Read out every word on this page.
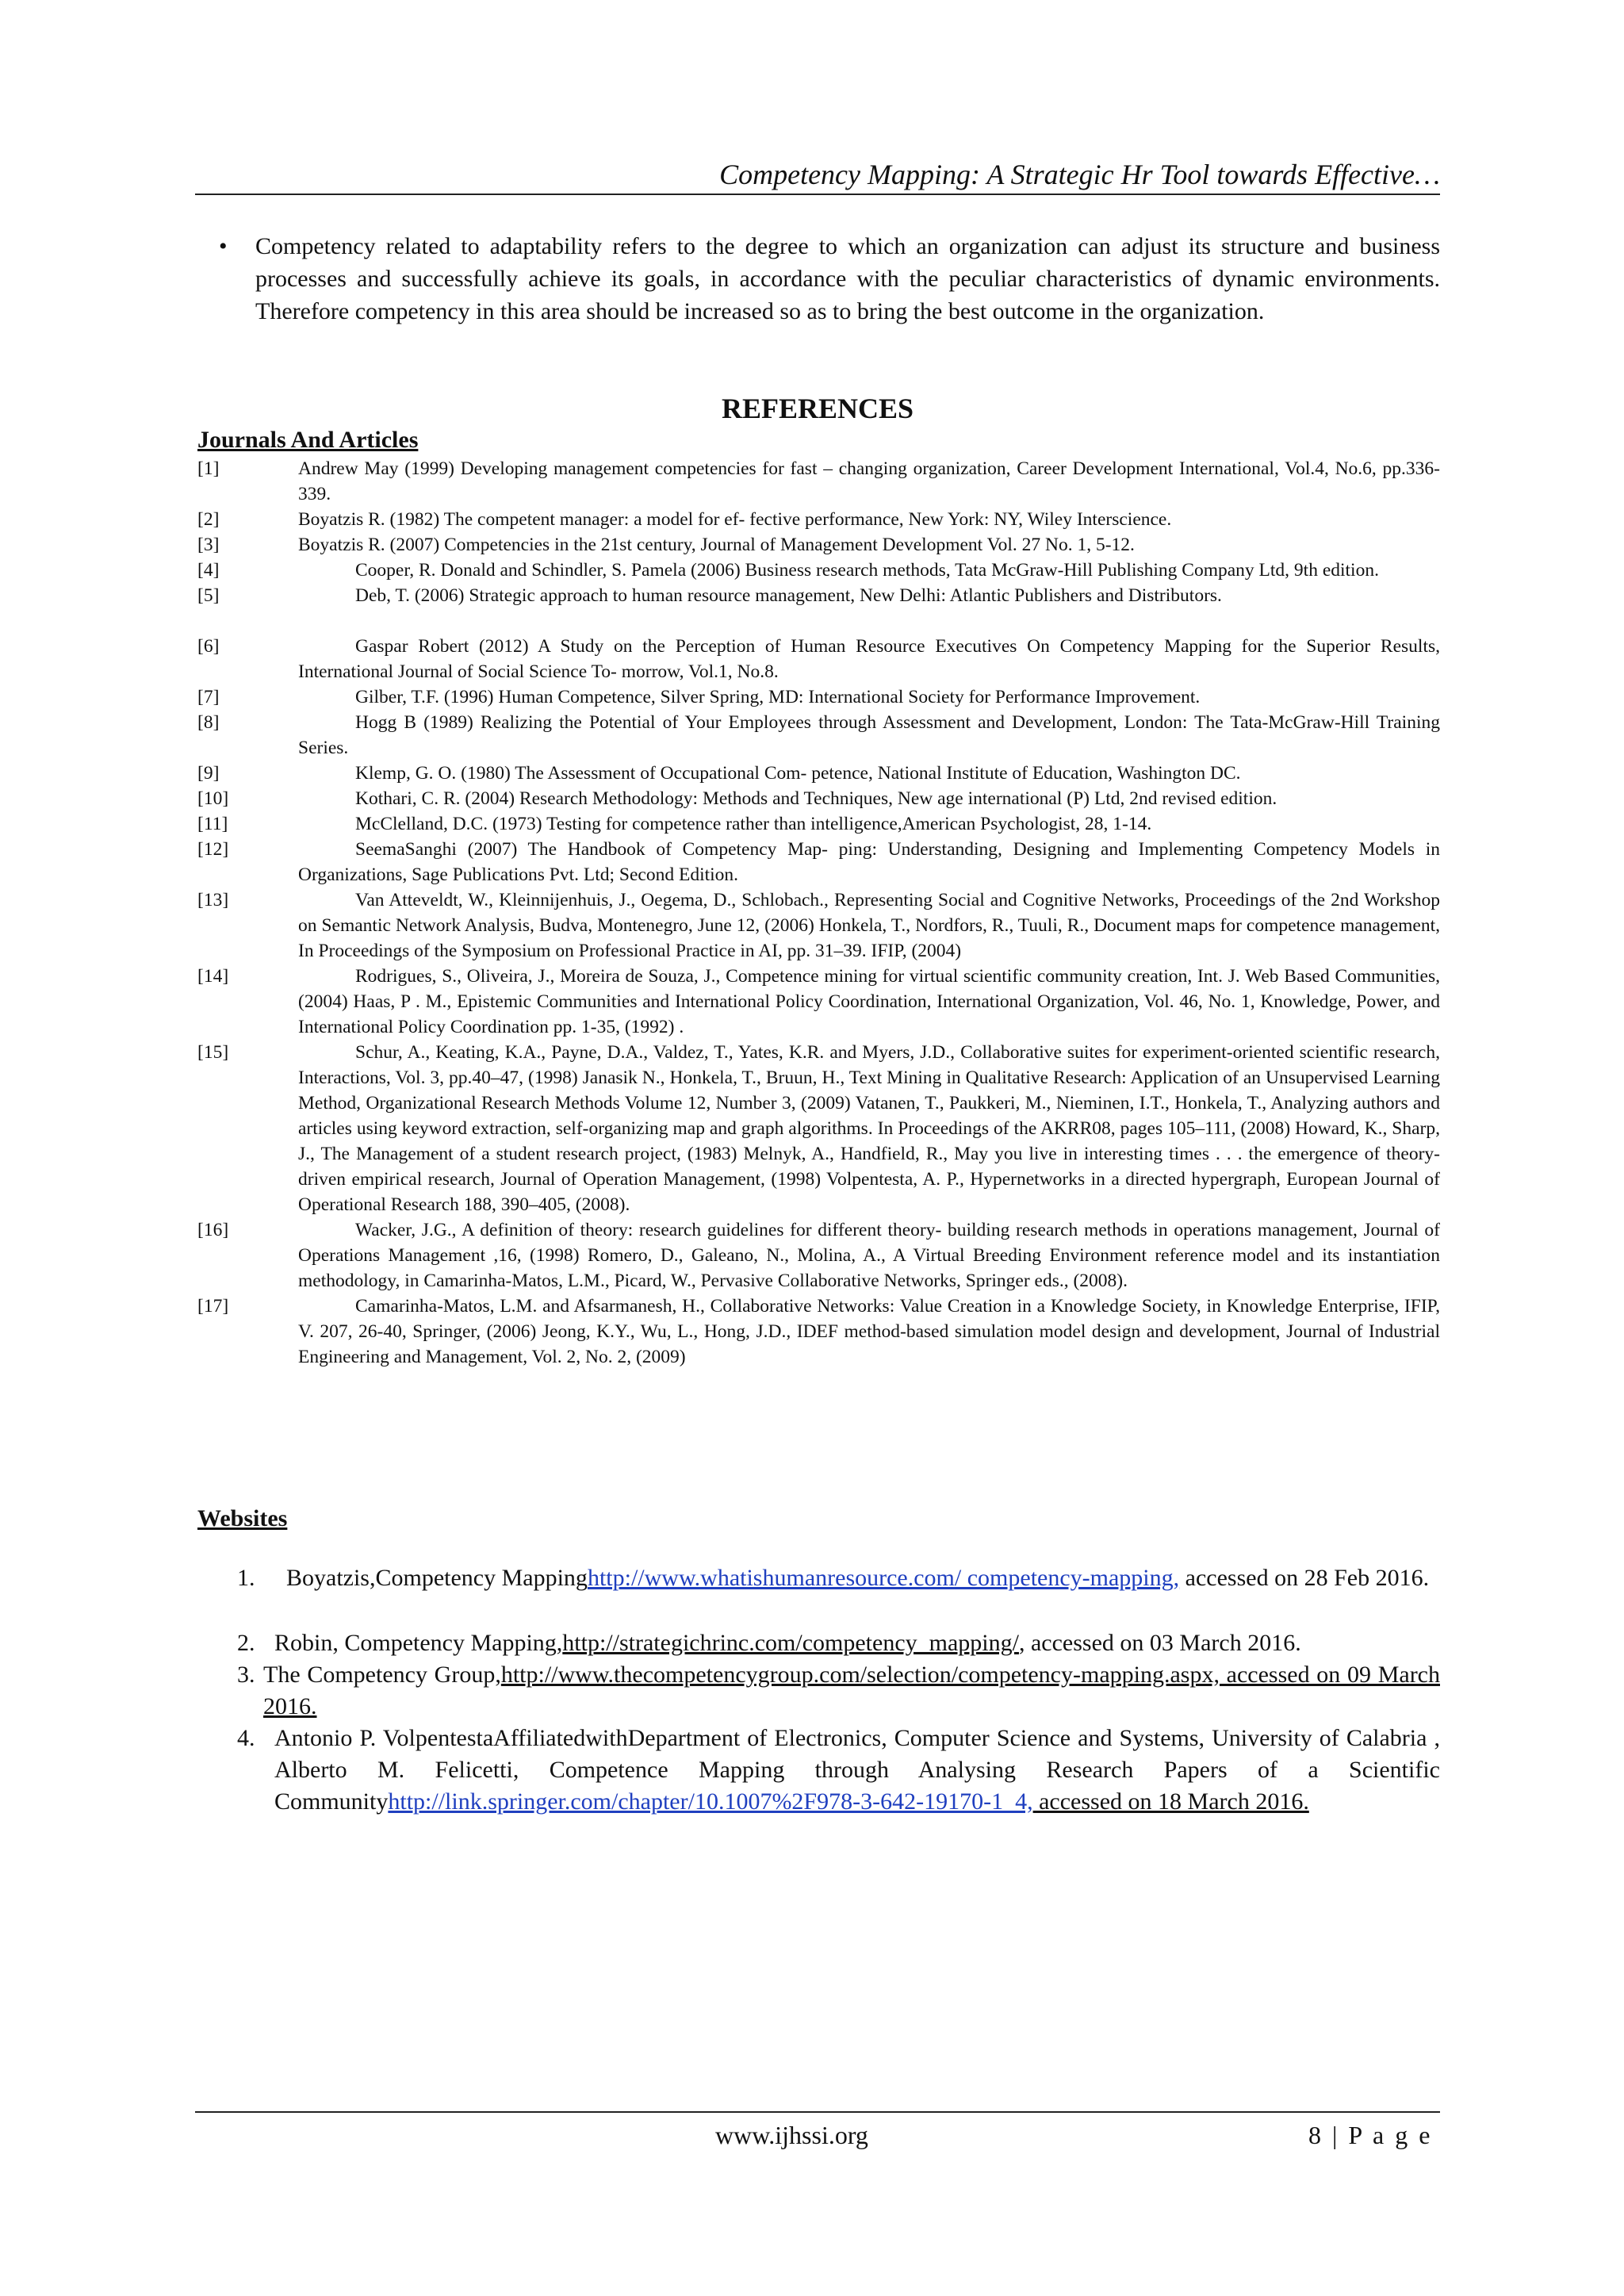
Competency Mapping: A Strategic Hr Tool towards Effective…
• Competency related to adaptability refers to the degree to which an organization can adjust its structure and business processes and successfully achieve its goals, in accordance with the peculiar characteristics of dynamic environments. Therefore competency in this area should be increased so as to bring the best outcome in the organization.
REFERENCES
Journals And Articles
[1]	Andrew May (1999) Developing management competencies for fast – changing organization, Career Development International, Vol.4, No.6, pp.336-339.
[2]	Boyatzis R. (1982) The competent manager: a model for ef- fective performance, New York: NY, Wiley Interscience.
[3]	Boyatzis R. (2007) Competencies in the 21st century, Journal of Management Development Vol. 27 No. 1, 5-12.
[4]	Cooper, R. Donald and Schindler, S. Pamela (2006) Business research methods, Tata McGraw-Hill Publishing Company Ltd, 9th edition.
[5]	Deb, T. (2006) Strategic approach to human resource management, New Delhi: Atlantic Publishers and Distributors.
[6]	Gaspar Robert (2012) A Study on the Perception of Human Resource Executives On Competency Mapping for the Superior Results, International Journal of Social Science To- morrow, Vol.1, No.8.
[7]	Gilber, T.F. (1996) Human Competence, Silver Spring, MD: International Society for Performance Improvement.
[8]	Hogg B (1989) Realizing the Potential of Your Employees through Assessment and Development, London: The Tata-McGraw-Hill Training Series.
[9]	Klemp, G. O. (1980) The Assessment of Occupational Com- petence, National Institute of Education, Washington DC.
[10]	Kothari, C. R. (2004) Research Methodology: Methods and Techniques, New age international (P) Ltd, 2nd revised edition.
[11]	McClelland, D.C. (1973) Testing for competence rather than intelligence,American Psychologist, 28, 1-14.
[12]	SeemaSanghi (2007) The Handbook of Competency Map- ping: Understanding, Designing and Implementing Competency Models in Organizations, Sage Publications Pvt. Ltd; Second Edition.
[13]	Van Atteveldt, W., Kleinnijenhuis, J., Oegema, D., Schlobach., Representing Social and Cognitive Networks, Proceedings of the 2nd Workshop on Semantic Network Analysis, Budva, Montenegro, June 12, (2006) Honkela, T., Nordfors, R., Tuuli, R., Document maps for competence management, In Proceedings of the Symposium on Professional Practice in AI, pp. 31–39. IFIP, (2004)
[14]	Rodrigues, S., Oliveira, J., Moreira de Souza, J., Competence mining for virtual scientific community creation, Int. J. Web Based Communities, (2004) Haas, P . M., Epistemic Communities and International Policy Coordination, International Organization, Vol. 46, No. 1, Knowledge, Power, and International Policy Coordination pp. 1-35, (1992) .
[15]	Schur, A., Keating, K.A., Payne, D.A., Valdez, T., Yates, K.R. and Myers, J.D., Collaborative suites for experiment-oriented scientific research, Interactions, Vol. 3, pp.40–47, (1998) Janasik N., Honkela, T., Bruun, H., Text Mining in Qualitative Research: Application of an Unsupervised Learning Method, Organizational Research Methods Volume 12, Number 3, (2009) Vatanen, T., Paukkeri, M., Nieminen, I.T., Honkela, T., Analyzing authors and articles using keyword extraction, self-organizing map and graph algorithms. In Proceedings of the AKRR08, pages 105–111, (2008) Howard, K., Sharp, J., The Management of a student research project, (1983) Melnyk, A., Handfield, R., May you live in interesting times . . . the emergence of theory-driven empirical research, Journal of Operation Management, (1998) Volpentesta, A. P., Hypernetworks in a directed hypergraph, European Journal of Operational Research 188, 390–405, (2008).
[16]	Wacker, J.G., A definition of theory: research guidelines for different theory- building research methods in operations management, Journal of Operations Management ,16, (1998) Romero, D., Galeano, N., Molina, A., A Virtual Breeding Environment reference model and its instantiation methodology, in Camarinha-Matos, L.M., Picard, W., Pervasive Collaborative Networks, Springer eds., (2008).
[17]	Camarinha-Matos, L.M. and Afsarmanesh, H., Collaborative Networks: Value Creation in a Knowledge Society, in Knowledge Enterprise, IFIP, V. 207, 26-40, Springer, (2006) Jeong, K.Y., Wu, L., Hong, J.D., IDEF method-based simulation model design and development, Journal of Industrial Engineering and Management, Vol. 2, No. 2, (2009)
Websites
1. Boyatzis,Competency Mappinghttp://www.whatishumanresource.com/ competency-mapping, accessed on 28 Feb 2016.
2. Robin, Competency Mapping,http://strategichrinc.com/competency_mapping/, accessed on 03 March 2016.
3. The Competency Group,http://www.thecompetencygroup.com/selection/competency-mapping.aspx, accessed on 09 March 2016.
4. Antonio P. VolpentestaAffiliatedwithDepartment of Electronics, Computer Science and Systems, University of Calabria , Alberto M. Felicetti, Competence Mapping through Analysing Research Papers of a Scientific Communityhttp://link.springer.com/chapter/10.1007%2F978-3-642-19170-1_4, accessed on 18 March 2016.
www.ijhssi.org	8 | P a g e
